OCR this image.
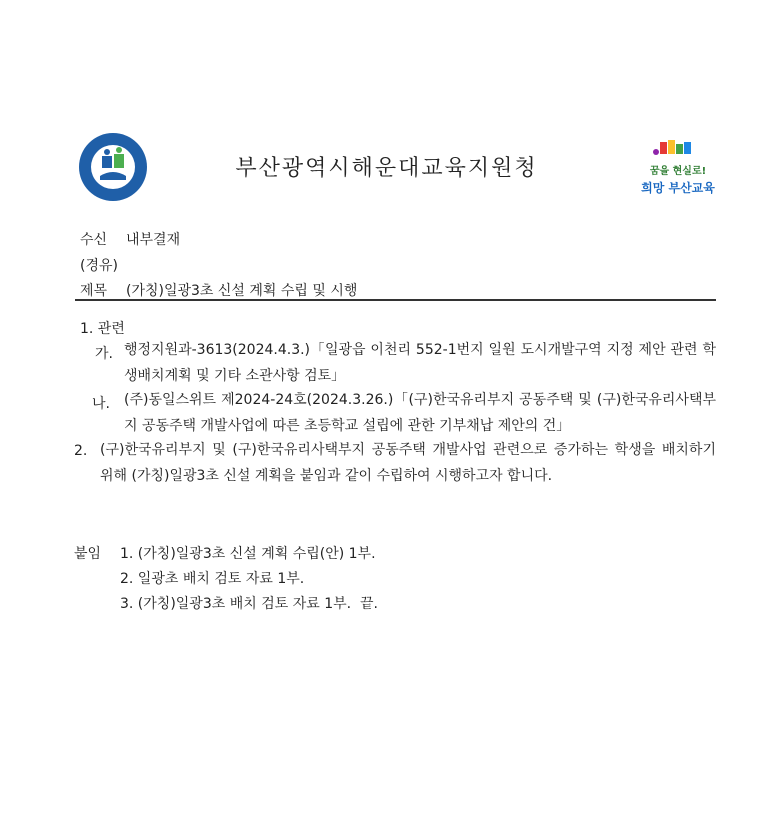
부산광역시해운대교육지원청	꿈을 현실로!
희망 부산교육
수신 내부결재
(경유)
제목 (가칭)일광3초 신설 계획 수립 및 시행
1. 관련
가. 행정지원과-3613(2024.4.3.)「일광읍 이천리 552-1번지 일원 도시개발구역 지정 제안 관련 학생배치계획 및 기타 소관사항 검토」
나. (주)동일스위트 제2024-24호(2024.3.26.)「(구)한국유리부지 공동주택 및 (구)한국유리사택부지 공동주택 개발사업에 따른 초등학교 설립에 관한 기부채납 제안의 건」
2. (구)한국유리부지 및 (구)한국유리사택부지 공동주택 개발사업 관련으로 증가하는 학생을 배치하기 위해 (가칭)일광3초 신설 계획을 붙임과 같이 수립하여 시행하고자 합니다.
붙임 1. (가칭)일광3초 신설 계획 수립(안) 1부.
2. 일광초 배치 검토 자료 1부.
3. (가칭)일광3초 배치 검토 자료 1부.  끝.
